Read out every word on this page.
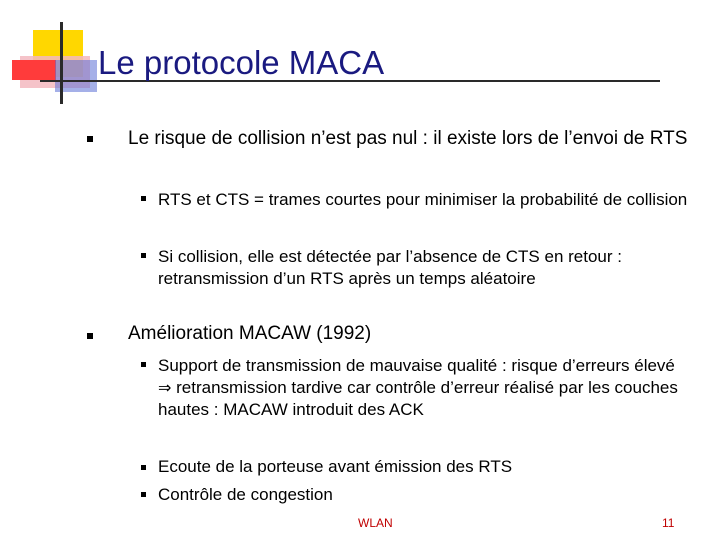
Le protocole MACA
Le risque de collision n’est pas nul : il existe lors de l’envoi de RTS
RTS et CTS = trames courtes pour minimiser la probabilité de collision
Si collision, elle est détectée par l’absence de CTS en retour : retransmission d’un RTS après un temps aléatoire
Amélioration MACAW (1992)
Support de transmission de mauvaise qualité : risque d’erreurs élevé ⇒ retransmission tardive car contrôle d’erreur réalisé par les couches hautes : MACAW introduit des ACK
Ecoute de la porteuse avant émission des RTS
Contrôle de congestion
WLAN	11
